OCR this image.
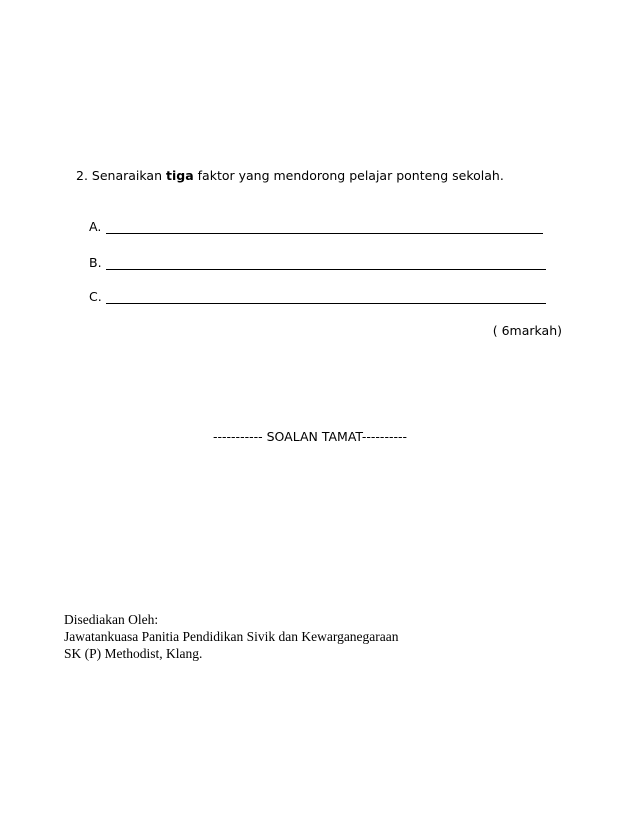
2. Senaraikan tiga faktor yang mendorong pelajar ponteng sekolah.
A.
B.
C.
( 6markah)
----------- SOALAN TAMAT----------
Disediakan Oleh:
Jawatankuasa Panitia Pendidikan Sivik dan Kewarganegaraan
SK (P) Methodist, Klang.
